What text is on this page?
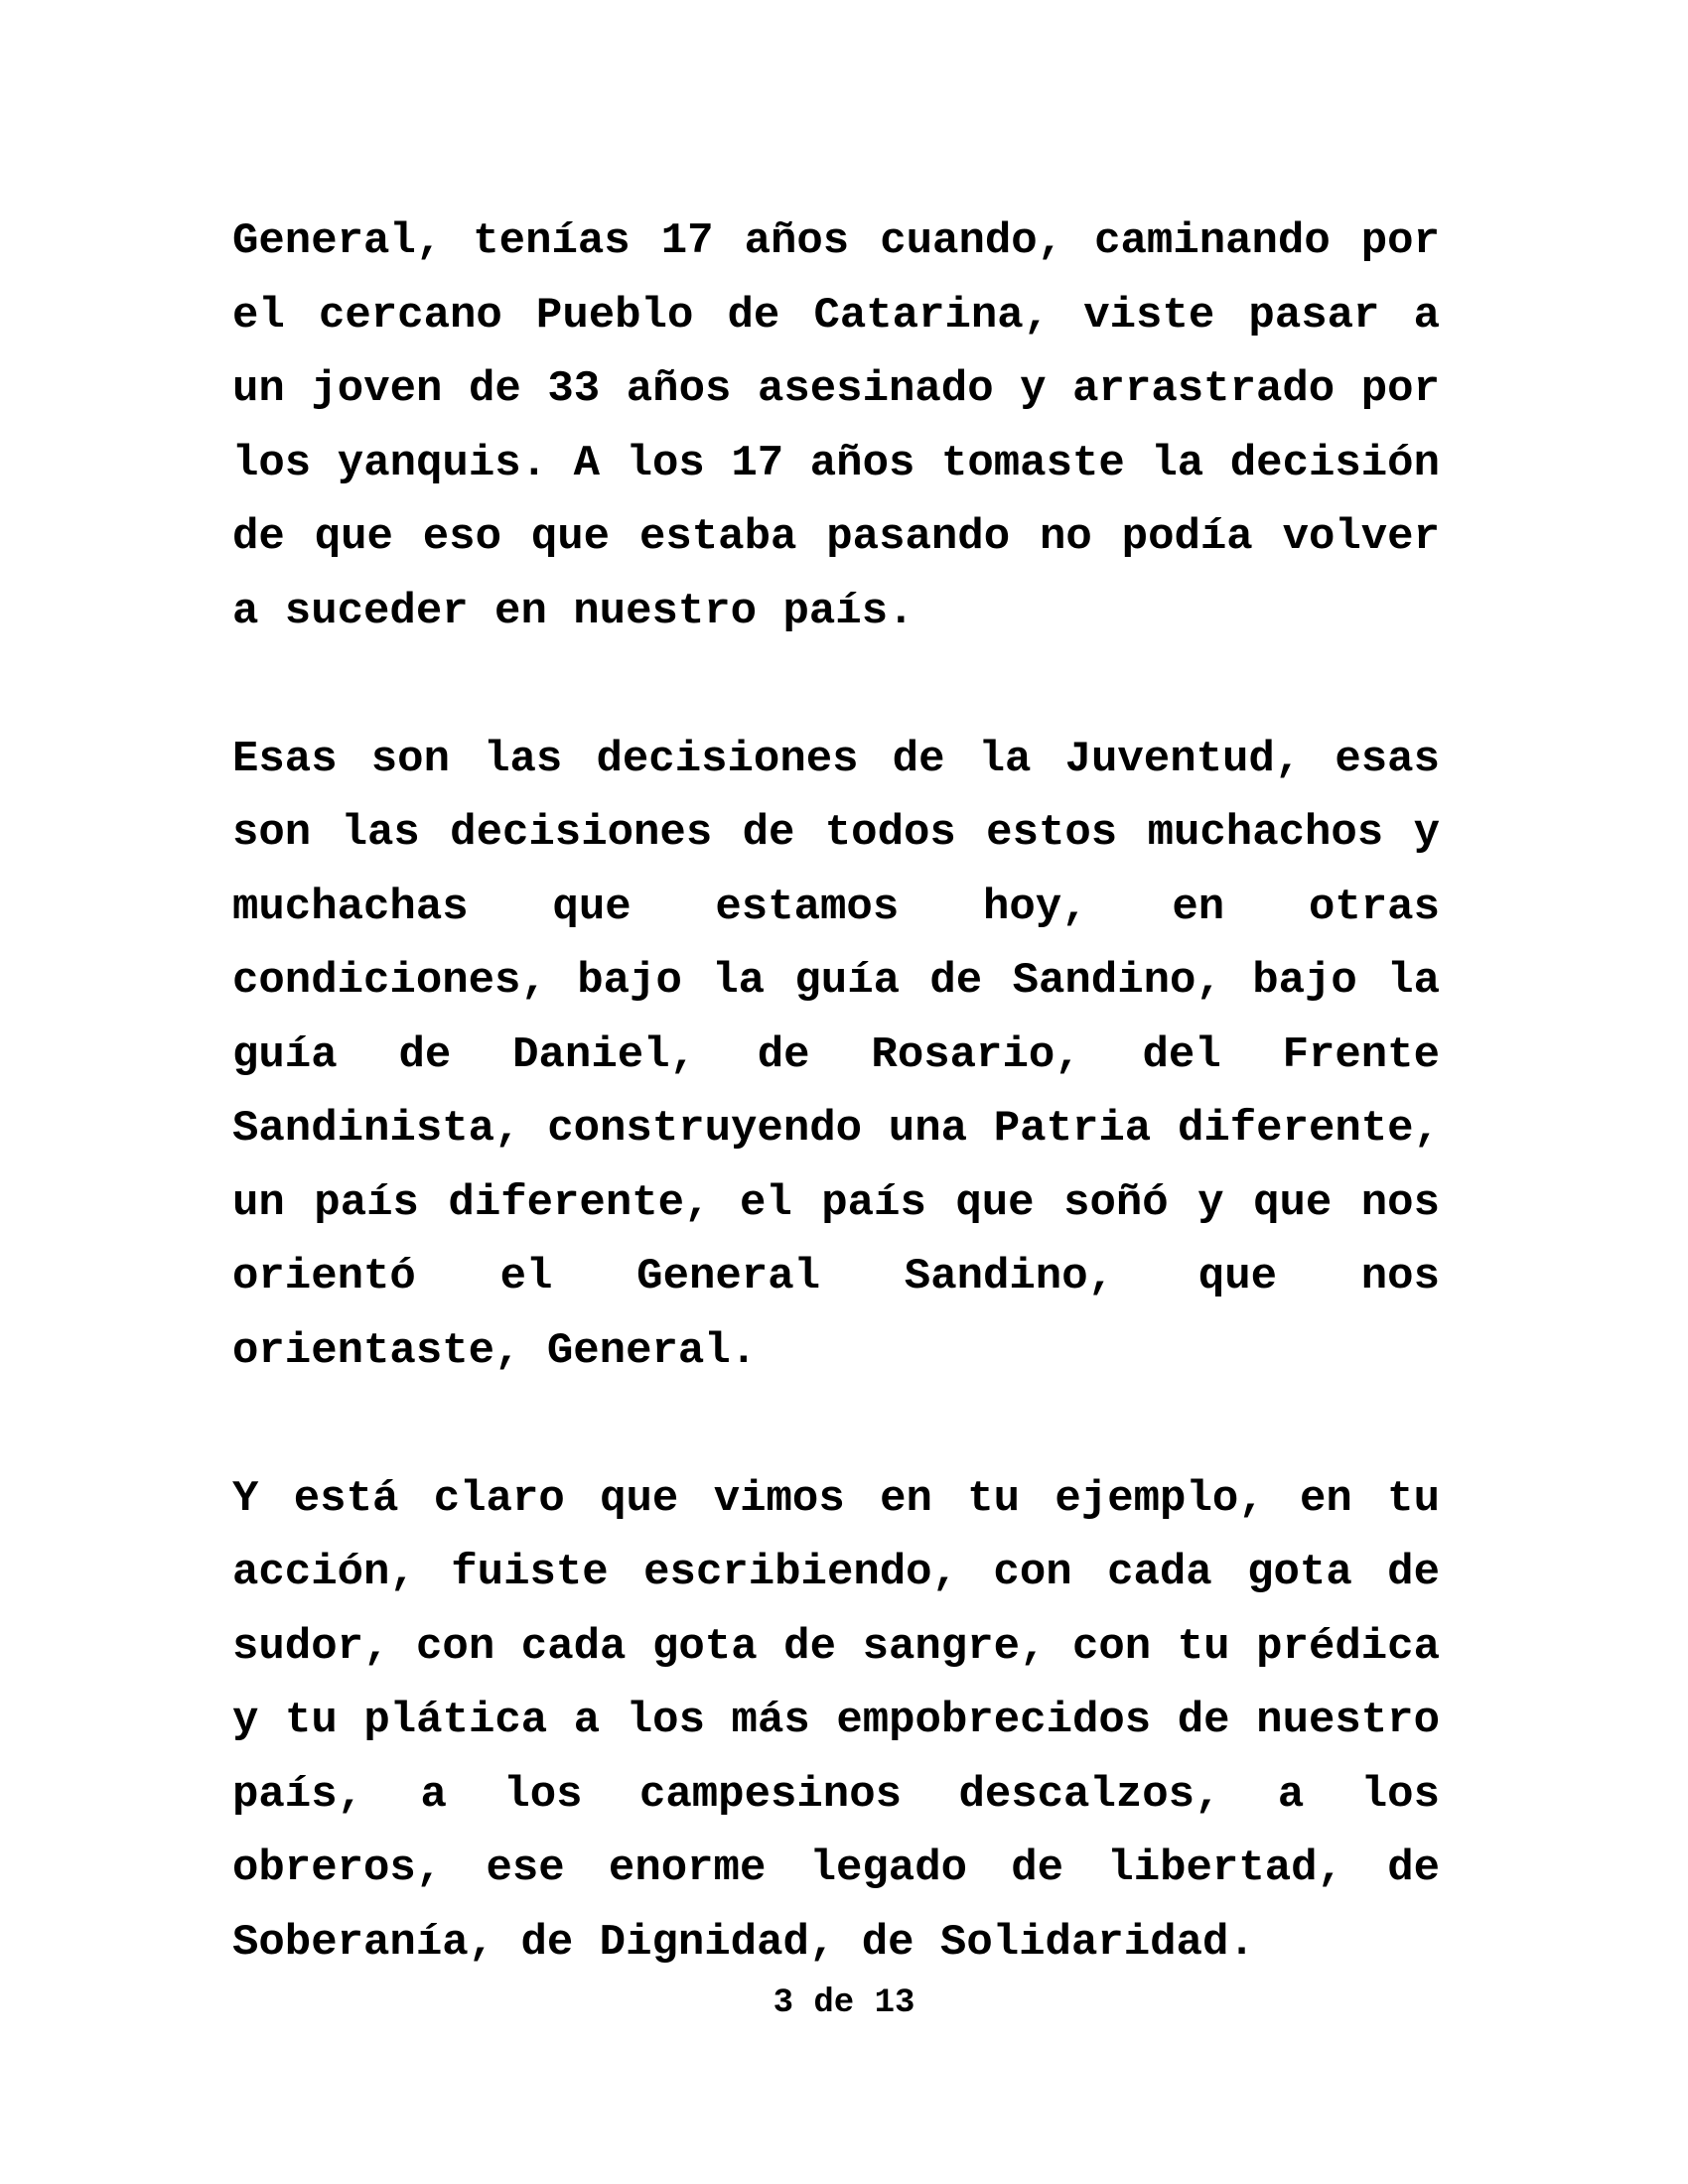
General, tenías 17 años cuando, caminando por el cercano Pueblo de Catarina, viste pasar a un joven de 33 años asesinado y arrastrado por los yanquis. A los 17 años tomaste la decisión de que eso que estaba pasando no podía volver a suceder en nuestro país.

Esas son las decisiones de la Juventud, esas son las decisiones de todos estos muchachos y muchachas que estamos hoy, en otras condiciones, bajo la guía de Sandino, bajo la guía de Daniel, de Rosario, del Frente Sandinista, construyendo una Patria diferente, un país diferente, el país que soñó y que nos orientó el General Sandino, que nos orientaste, General.

Y está claro que vimos en tu ejemplo, en tu acción, fuiste escribiendo, con cada gota de sudor, con cada gota de sangre, con tu prédica y tu plática a los más empobrecidos de nuestro país, a los campesinos descalzos, a los obreros, ese enorme legado de libertad, de Soberanía, de Dignidad, de Solidaridad.

3 de 13
